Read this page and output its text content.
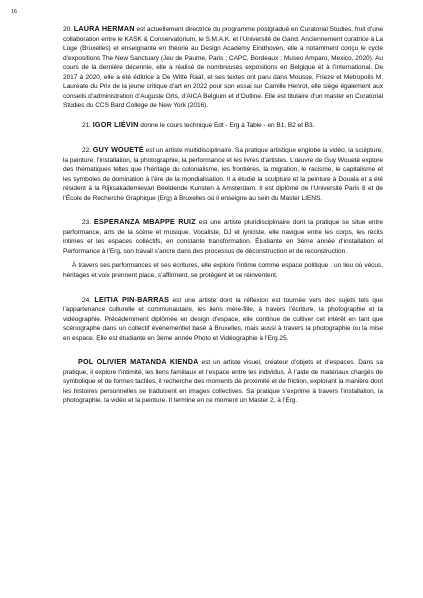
16

20. LAURA HERMAN est actuellement directrice du programme postgradué en Curatorial Studies, fruit d’une collaboration entre le KASK & Conservatorium, le S.M.A.K. et l’Université de Gand. Anciennement curatrice à La Loge (Bruxelles) et enseignante en théorie au Design Academy Eindhoven, elle a notamment conçu le cycle d’expositions The New Sanctuary (Jeu de Paume, Paris ; CAPC, Bordeaux ; Museo Amparo, Mexico, 2020). Au cours de la dernière décennie, elle a réalisé de nombreuses expositions en Belgique et à l’international. De 2017 à 2020, elle a été éditrice à De Witte Raaf, et ses textes ont paru dans Mousse, Frieze et Metropolis M. Lauréate du Prix de la jeune critique d’art en 2022 pour son essai sur Camille Henrot, elle siège également aux conseils d’administration d’Auguste Orts, d’AICA Belgium et d’Outline. Elle est titulaire d’un master en Curatorial Studies du CCS Bard College de New York (2016).

21. IGOR LIÉVIN donne le cours technique Edt - Erg à Table - en B1, B2 et B3.

22. GUY WOUETÉ est un artiste multidisciplinaire. Sa pratique artistique englobe la vidéo, la sculpture, la peinture, l’installation, la photographie, la performance et les livres d’artistes. L’œuvre de Guy Woueté explore des thématiques telles que l’héritage du colonialisme, les frontières, la migration, le racisme, le capitalisme et les symboles de domination à l’ère de la mondialisation. Il a étudié la sculpture et la peinture à Douala et a été résident à la Rijksakademievan Beeldende Kunsten à Amsterdam. Il est diplômé de l’Université Paris 8 et de l’École de Recherche Graphique (Erg) à Bruxelles où il enseigne au sein du Master LIENS.

23. ESPERANZA MBAPPE RUIZ est une artiste pluridisciplinaire dont la pratique se situe entre performance, arts de la scène et musique. Vocaliste, DJ et lyriciste, elle navigue entre les corps, les récits intimes et les espaces collectifs, en constante transformation. Étudiante en 3ème année d’installation et Performance à l’Erg, son travail s’ancre dans des processus de déconstruction et de reconstruction.
À travers ses performances et ses écritures, elle explore l’intime comme espace politique : un lieu où vécus, héritages et voix prennent place, s’affirment, se protègent et se réinventent.

24. LEITIA PIN-BARRAS est une artiste dont la réflexion est tournée vers des sujets tels que l’appartenance culturelle et communautaire, les liens mère-fille, à travers l’écriture, la photographie et la vidéographie. Précédemment diplômée en design d’espace, elle continue de cultiver cet intérêt en tant que scénographe dans un collectif événementiel basé à Bruxelles, mais aussi à travers la photographie ou la mise en espace. Elle est étudiante en 3ème année Photo et Vidéographie à l’Erg.25.

POL OLIVIER MATANDA KIENDA est un artiste visuel, créateur d’objets et d’espaces. Dans sa pratique, il explore l’intimité, les liens familiaux et l’espace entre les individus. À l’aide de matériaux chargés de symbolique et de formes tactiles, il recherche des moments de proximité et de friction, explorant la manière dont les histoires personnelles se traduisent en images collectives. Sa pratique s’exprime à travers l’installation, la photographie, la vidéo et la peinture. Il termine en ce moment un Master 2, à l’Erg.
